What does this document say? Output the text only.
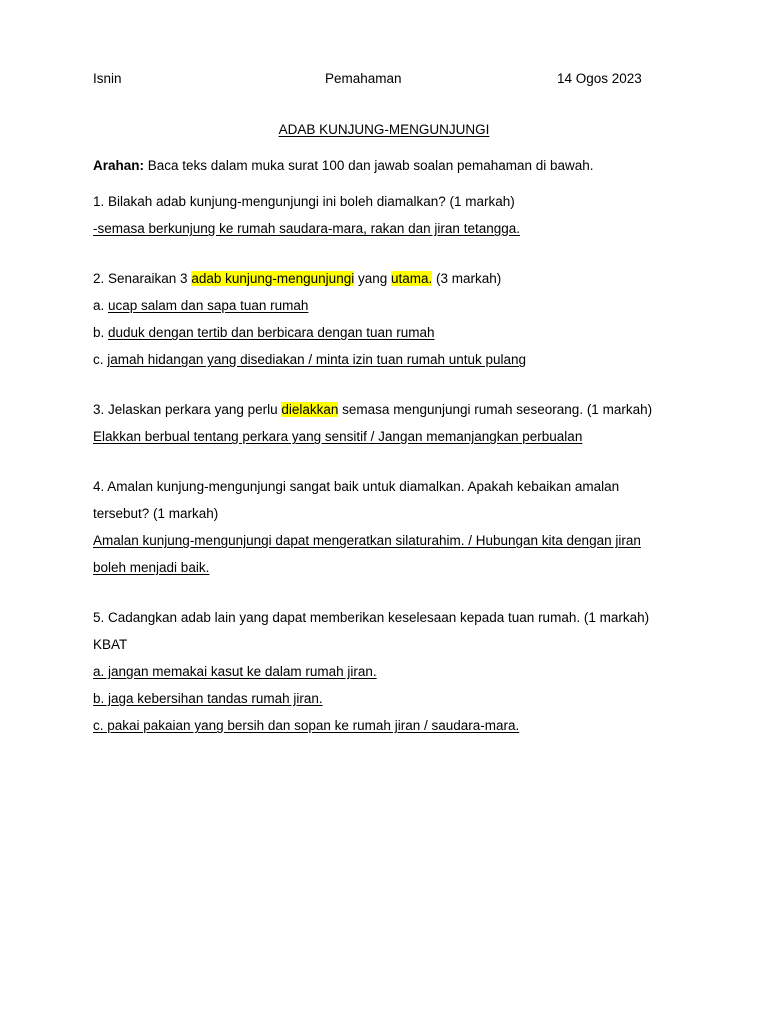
Isnin	Pemahaman	14 Ogos 2023
ADAB KUNJUNG-MENGUNJUNGI
Arahan: Baca teks dalam muka surat 100 dan jawab soalan pemahaman di bawah.
1. Bilakah adab kunjung-mengunjungi ini boleh diamalkan? (1 markah)
-semasa berkunjung ke rumah saudara-mara, rakan dan jiran tetangga.
2. Senaraikan 3 adab kunjung-mengunjungi yang utama. (3 markah)
a. ucap salam dan sapa tuan rumah
b. duduk dengan tertib dan berbicara dengan tuan rumah
c. jamah hidangan yang disediakan / minta izin tuan rumah untuk pulang
3. Jelaskan perkara yang perlu dielakkan semasa mengunjungi rumah seseorang. (1 markah)
Elakkan berbual tentang perkara yang sensitif / Jangan memanjangkan perbualan
4. Amalan kunjung-mengunjungi sangat baik untuk diamalkan. Apakah kebaikan amalan
tersebut? (1 markah)
Amalan kunjung-mengunjungi dapat mengeratkan silaturahim. / Hubungan kita dengan jiran
boleh menjadi baik.
5. Cadangkan adab lain yang dapat memberikan keselesaan kepada tuan rumah. (1 markah)
KBAT
a. jangan memakai kasut ke dalam rumah jiran.
b. jaga kebersihan tandas rumah jiran.
c. pakai pakaian yang bersih dan sopan ke rumah jiran / saudara-mara.
